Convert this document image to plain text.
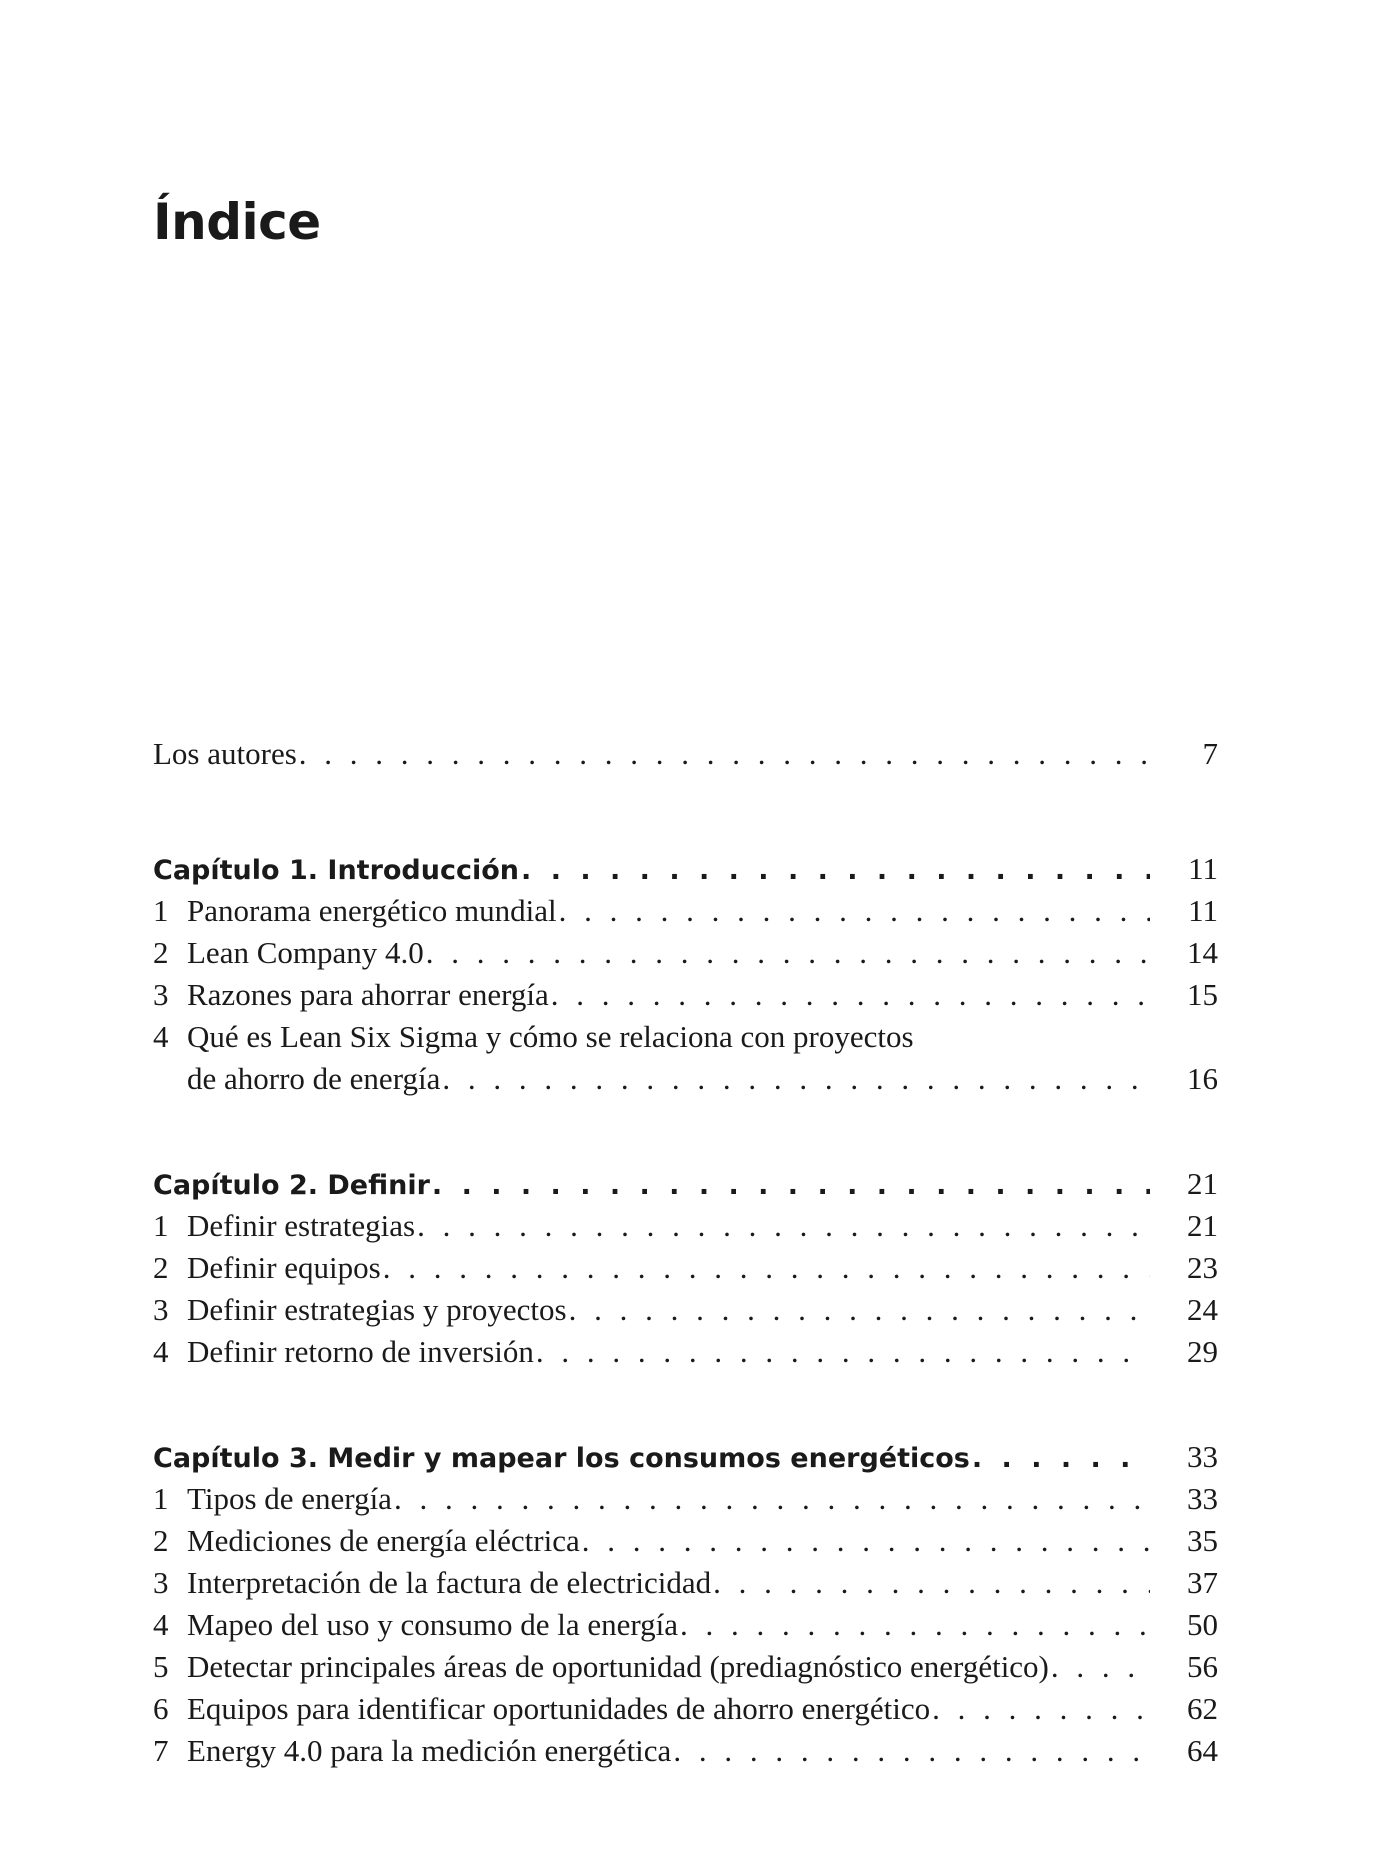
Índice
Los autores . . .	7
Capítulo 1. Introducción . . .	11
1 Panorama energético mundial . . .	11
2 Lean Company 4.0 . . .	14
3 Razones para ahorrar energía . . .	15
4 Qué es Lean Six Sigma y cómo se relaciona con proyectos
de ahorro de energía . . .	16
Capítulo 2. Definir . . .	21
1 Definir estrategias . . .	21
2 Definir equipos . . .	23
3 Definir estrategias y proyectos . . .	24
4 Definir retorno de inversión . . .	29
Capítulo 3. Medir y mapear los consumos energéticos . . .	33
1 Tipos de energía . . .	33
2 Mediciones de energía eléctrica . . .	35
3 Interpretación de la factura de electricidad . . .	37
4 Mapeo del uso y consumo de la energía . . .	50
5 Detectar principales áreas de oportunidad (prediagnóstico energético) . . .	56
6 Equipos para identificar oportunidades de ahorro energético . . .	62
7 Energy 4.0 para la medición energética . . .	64
